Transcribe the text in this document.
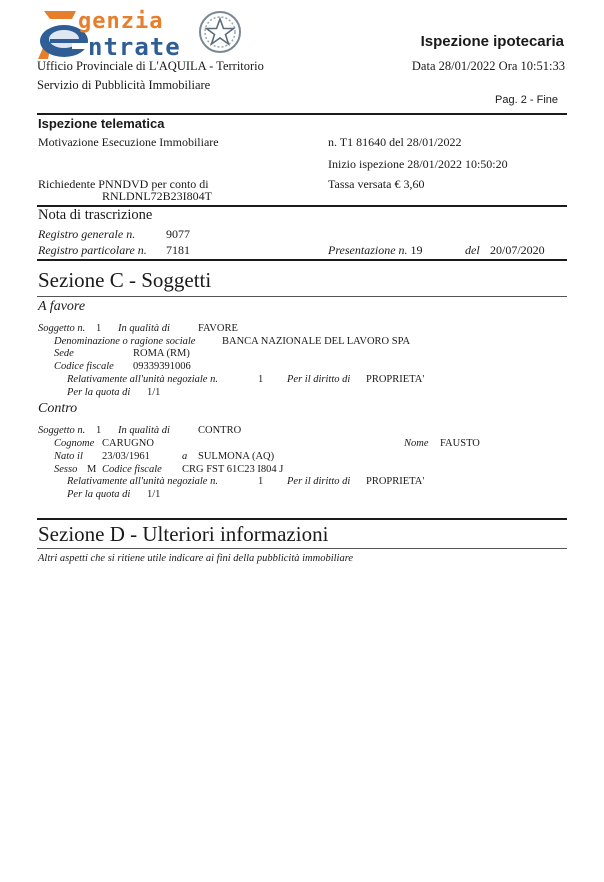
genzia
ntrate
Ufficio Provinciale di L'AQUILA - Territorio
Servizio di Pubblicità Immobiliare
Ispezione ipotecaria
Data 28/01/2022 Ora 10:51:33
Pag. 2 - Fine
Ispezione telematica
Motivazione Esecuzione Immobiliare	n. T1 81640 del 28/01/2022
Inizio ispezione 28/01/2022 10:50:20
Richiedente PNNDVD per conto di
RNLDNL72B23I804T
Tassa versata € 3,60
Nota di trascrizione
Registro generale n.	9077
Registro particolare n. 7181	Presentazione n. 19	del 20/07/2020
Sezione C - Soggetti
A favore
Soggetto n. 1 In qualità di	FAVORE
Denominazione o ragione sociale	BANCA NAZIONALE DEL LAVORO SPA
Sede	ROMA (RM)
Codice fiscale 09339391006
Relativamente all'unità negoziale n.	1 Per il diritto di PROPRIETA'
Per la quota di 1/1
Contro
Soggetto n. 1 In qualità di	CONTRO
Cognome CARUGNO	Nome FAUSTO
Nato il 23/03/1961	a SULMONA (AQ)
Sesso M Codice fiscale CRG FST 61C23 I804 J
Relativamente all'unità negoziale n.	1 Per il diritto di PROPRIETA'
Per la quota di 1/1
Sezione D - Ulteriori informazioni
Altri aspetti che si ritiene utile indicare ai fini della pubblicità immobiliare
